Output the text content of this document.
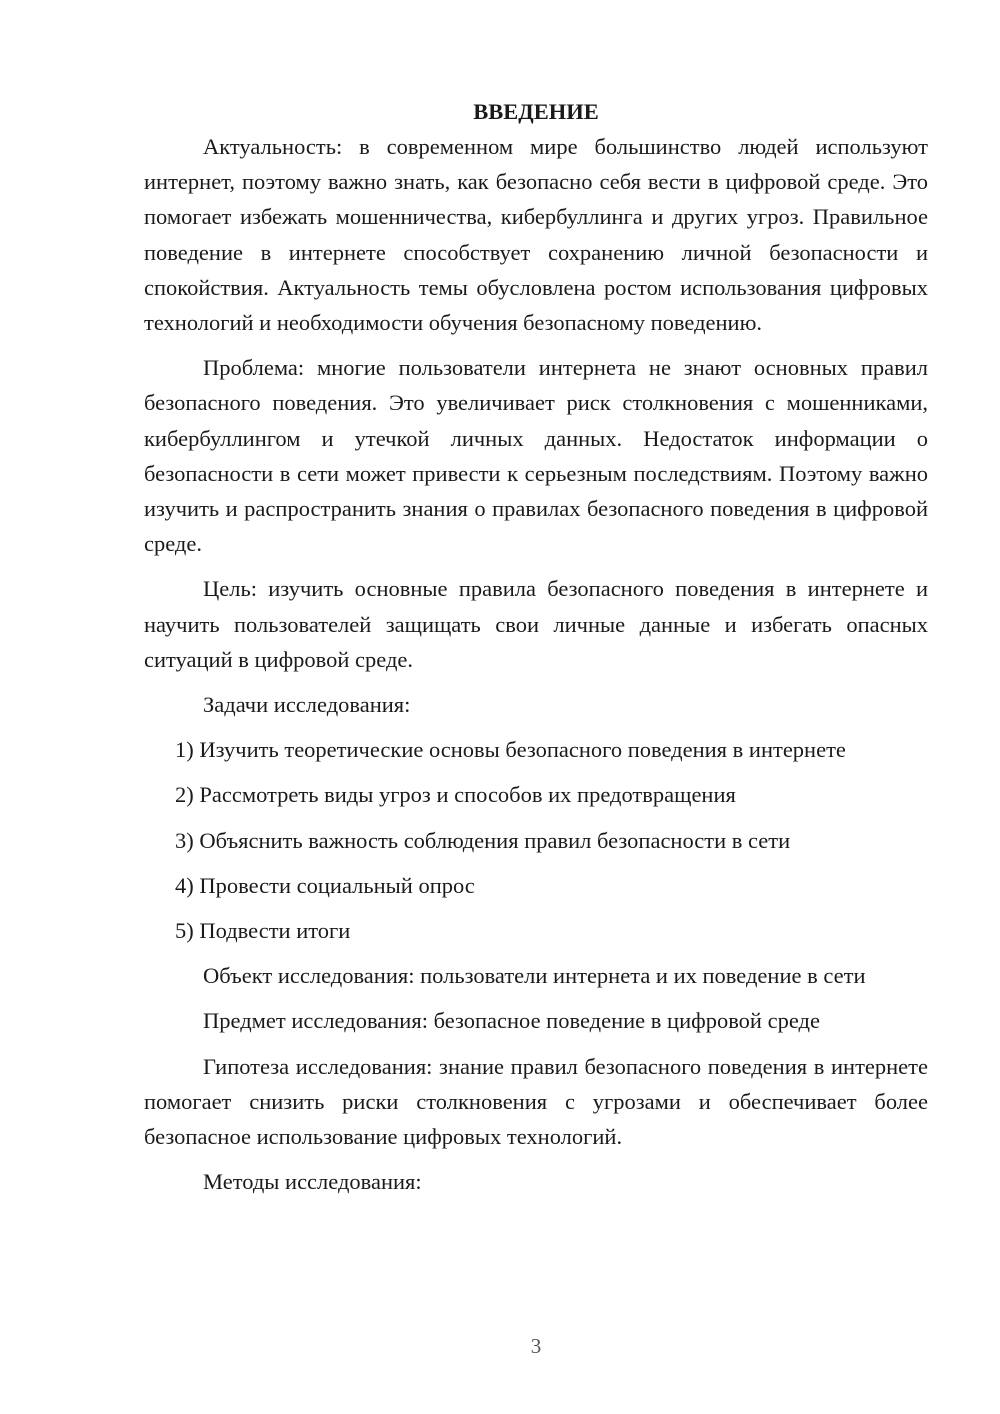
ВВЕДЕНИЕ

Актуальность: в современном мире большинство людей используют интернет, поэтому важно знать, как безопасно себя вести в цифровой среде. Это помогает избежать мошенничества, кибербуллинга и других угроз. Правильное поведение в интернете способствует сохранению личной безопасности и спокойствия. Актуальность темы обусловлена ростом использования цифровых технологий и необходимости обучения безопасному поведению.

Проблема: многие пользователи интернета не знают основных правил безопасного поведения. Это увеличивает риск столкновения с мошенниками, кибербуллингом и утечкой личных данных. Недостаток информации о безопасности в сети может привести к серьезным последствиям. Поэтому важно изучить и распространить знания о правилах безопасного поведения в цифровой среде.

Цель: изучить основные правила безопасного поведения в интернете и научить пользователей защищать свои личные данные и избегать опасных ситуаций в цифровой среде.

Задачи исследования:

1) Изучить теоретические основы безопасного поведения в интернете
2) Рассмотреть виды угроз и способов их предотвращения
3) Объяснить важность соблюдения правил безопасности в сети
4) Провести социальный опрос
5) Подвести итоги

Объект исследования: пользователи интернета и их поведение в сети

Предмет исследования: безопасное поведение в цифровой среде

Гипотеза исследования: знание правил безопасного поведения в интернете помогает снизить риски столкновения с угрозами и обеспечивает более безопасное использование цифровых технологий.

Методы исследования:

3
